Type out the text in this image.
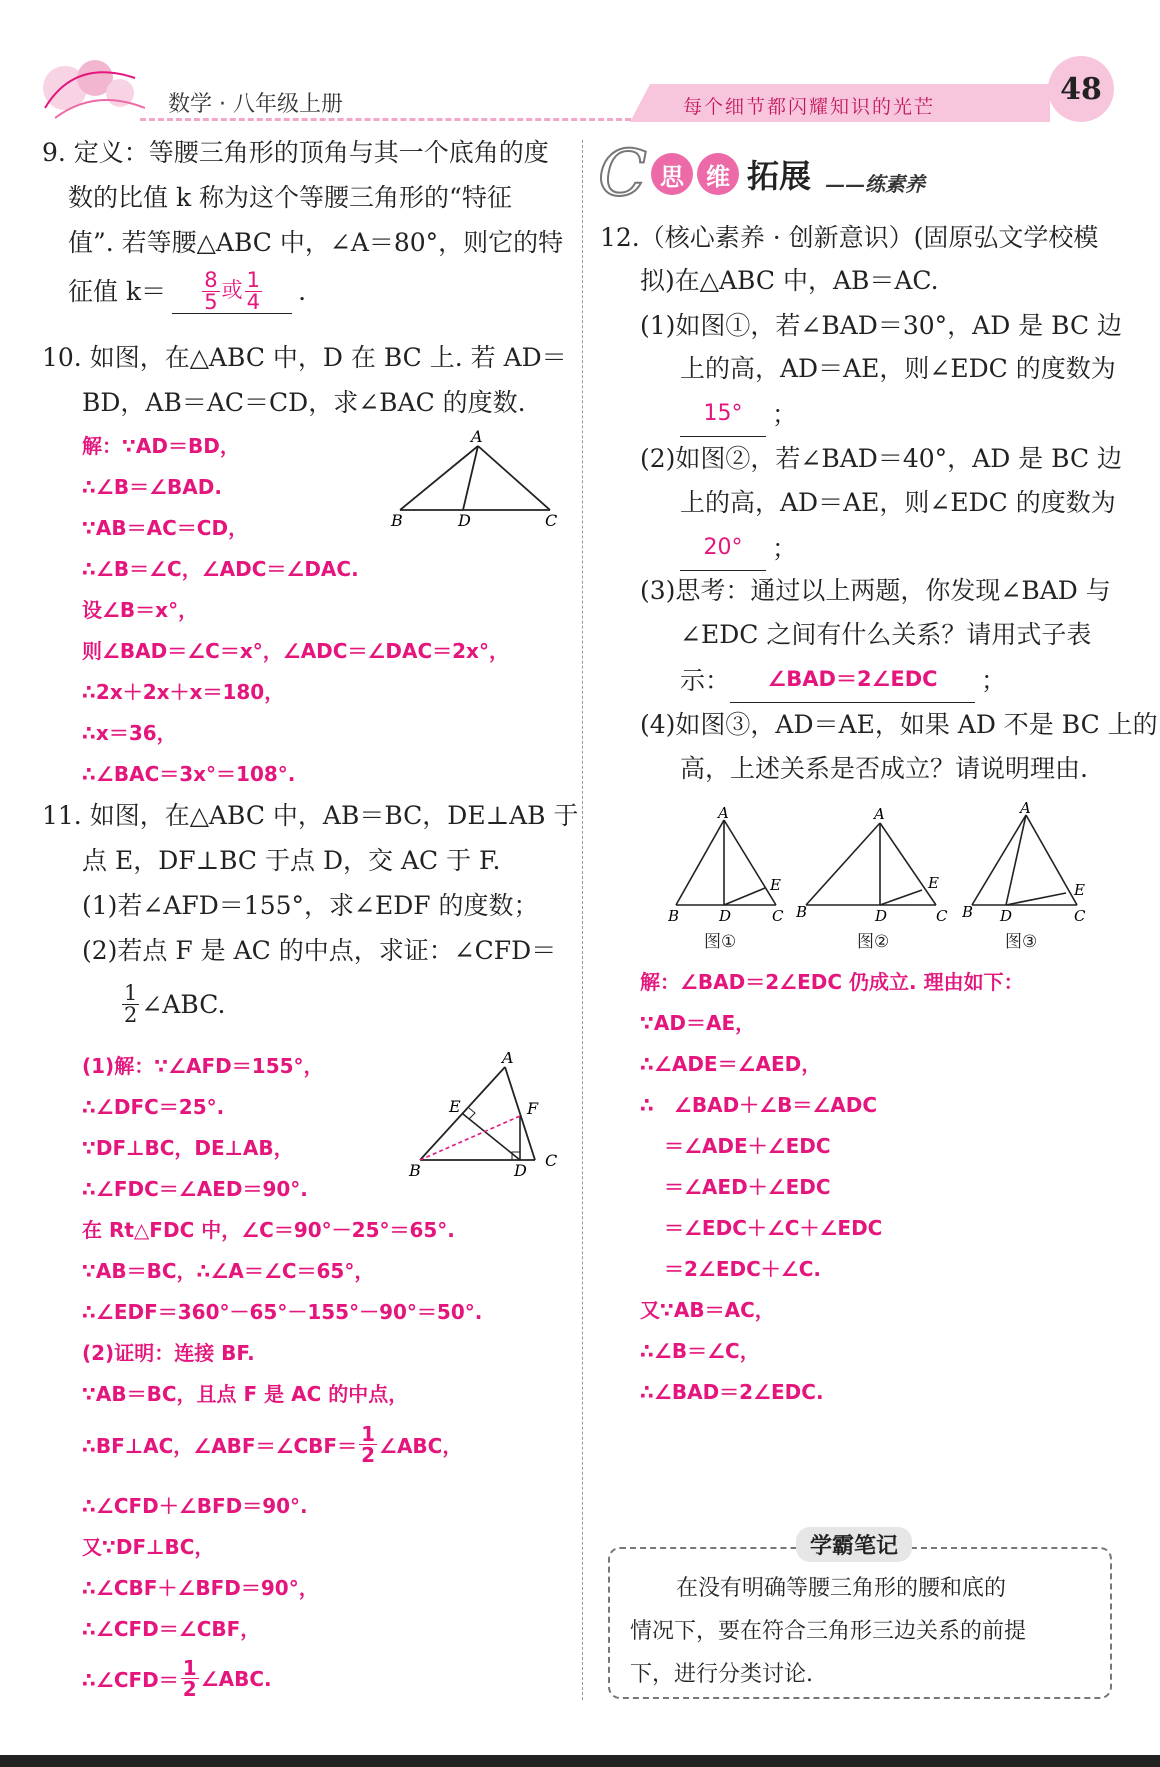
数学 · 八年级上册	每个细节都闪耀知识的光芒
48
9. 定义：等腰三角形的顶角与其一个底角的度
数的比值 k 称为这个等腰三角形的“特征
值”. 若等腰△ABC 中，∠A＝80°，则它的特
征值 $k= \frac{8}{5}$ 或 $\frac{1}{4}$ .
10. 如图，在△ABC 中，D 在 BC 上. 若 AD＝
BD，AB＝AC＝CD，求∠BAC 的度数.
解：∵AD＝BD，
∴∠B＝∠BAD.
∵AB＝AC＝CD，
∴∠B＝∠C，∠ADC＝∠DAC.
设∠B＝x°，
则∠BAD＝∠C＝x°，∠ADC＝∠DAC＝2x°，
∴2x＋2x＋x＝180，
∴x＝36，
∴∠BAC＝3x°＝108°.
A
B	D	C
11. 如图，在△ABC 中，AB＝BC，DE⊥AB 于
点 E，DF⊥BC 于点 D，交 AC 于 F.
(1)若∠AFD＝155°，求∠EDF 的度数；
(2)若点 F 是 AC 的中点，求证：∠CFD＝
$\frac{1}{2}$ ∠ABC.
(1)解：∵∠AFD＝155°，
∴∠DFC＝25°.
∵DF⊥BC，DE⊥AB，
∴∠FDC＝∠AED＝90°.
在 Rt△FDC 中，∠C＝90°－25°＝65°.
∵AB＝BC，∴∠A＝∠C＝65°，
∴∠EDF＝360°－65°－155°－90°＝50°.
(2)证明：连接 BF.
∵AB＝BC，且点 F 是 AC 的中点，
∴BF⊥AC，∠ABF＝∠CBF＝ $\frac{1}{2}$ ∠ABC，
∴∠CFD＋∠BFD＝90°.
又∵DF⊥BC，
∴∠CBF＋∠BFD＝90°，
∴∠CFD＝∠CBF，
∴∠CFD＝ $\frac{1}{2}$ ∠ABC.
A
E	F
B	D
C
C 思 维 拓展 ——练素养
12.（核心素养 · 创新意识）(固原弘文学校模
拟)在△ABC 中，AB＝AC.
(1)如图①，若∠BAD＝30°，AD 是 BC 边
上的高，AD＝AE，则∠EDC 的度数为
15°	；
(2)如图②，若∠BAD＝40°，AD 是 BC 边
上的高，AD＝AE，则∠EDC 的度数为
20°	；
(3)思考：通过以上两题，你发现∠BAD 与
∠EDC 之间有什么关系？请用式子表
示：	∠BAD＝2∠EDC	；
(4)如图③，AD＝AE，如果 AD 不是 BC 上的
高，上述关系是否成立？请说明理由.
A
E
B	D	C
A
E
B	D	C
A
E
B D	C
图①	图②	图③
解：∠BAD＝2∠EDC 仍成立. 理由如下：
∵AD＝AE，
∴∠ADE＝∠AED，
∴　∠BAD＋∠B＝∠ADC
＝∠ADE＋∠EDC
＝∠AED＋∠EDC
＝∠EDC＋∠C＋∠EDC
＝2∠EDC＋∠C.
又∵AB＝AC，
∴∠B＝∠C，
∴∠BAD＝2∠EDC.
学霸笔记
在没有明确等腰三角形的腰和底的
情况下，要在符合三角形三边关系的前提
下，进行分类讨论.
